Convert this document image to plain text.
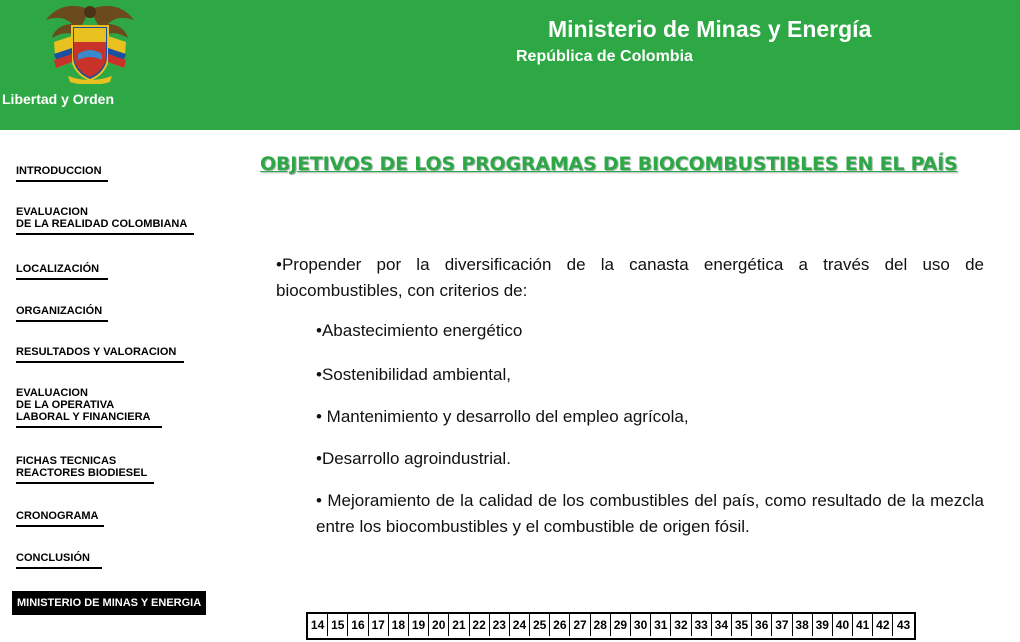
Libertad y Orden
Ministerio de Minas y Energía
República de Colombia
INTRODUCCION
EVALUACION
DE LA REALIDAD COLOMBIANA
LOCALIZACIÓN
ORGANIZACIÓN
RESULTADOS Y VALORACION
EVALUACION
DE LA OPERATIVA
LABORAL Y FINANCIERA
FICHAS TECNICAS
REACTORES BIODIESEL
CRONOGRAMA
CONCLUSIÓN
MINISTERIO DE MINAS Y ENERGIA
OBJETIVOS DE LOS PROGRAMAS DE BIOCOMBUSTIBLES EN EL PAÍS

•Propender por la diversificación de la canasta energética a través del uso de biocombustibles, con criterios de:

•Abastecimiento energético

•Sostenibilidad ambiental,

• Mantenimiento y desarrollo del empleo agrícola,

•Desarrollo agroindustrial.

• Mejoramiento de la calidad de los combustibles del país, como resultado de la mezcla entre los biocombustibles y el combustible de origen fósil.

14 15 16 17 18 19 20 21 22 23 24 25 26 27 28 29 30 31 32 33 34 35 36 37 38 39 40 41 42 43
